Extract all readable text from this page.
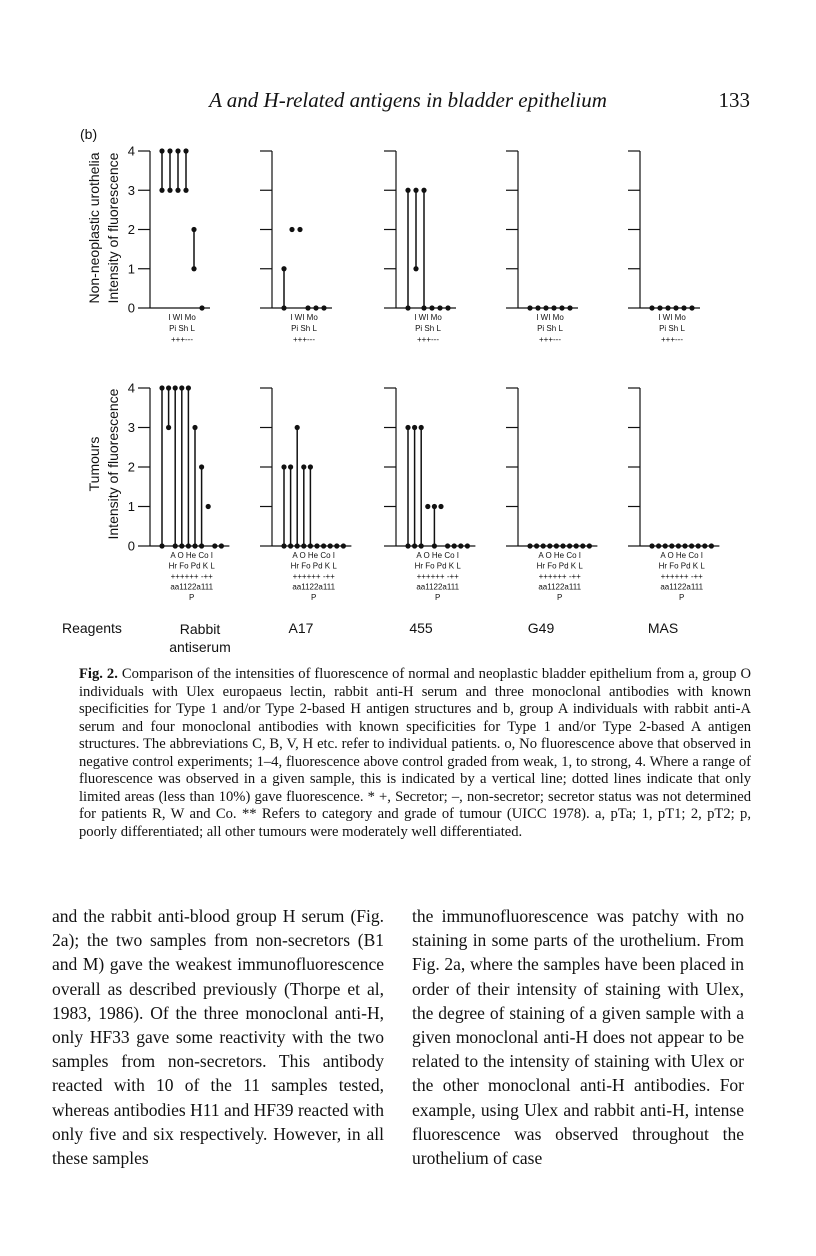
A and H-related antigens in bladder epithelium	133
(b)
Non-neoplastic urothelia Intensity of fluorescence
Tumours Intensity of fluorescence
0
1
2
3
4
I WI Mo
Pi Sh L
+++---
I WI Mo
Pi Sh L
+++---
I WI Mo
Pi Sh L
+++---
I WI Mo
Pi Sh L
+++---
I WI Mo
Pi Sh L
+++---
0
1
2
3
4
A O He Co I
Hr Fo Pd K L
++++++ -++
aa1122a111
P
A O He Co I
Hr Fo Pd K L
++++++ -++
aa1122a111
P
A O He Co I
Hr Fo Pd K L
++++++ -++
aa1122a111
P
A O He Co I
Hr Fo Pd K L
++++++ -++
aa1122a111
P
A O He Co I
Hr Fo Pd K L
++++++ -++
aa1122a111
P
Reagents	Rabbit antiserum
A17	455	G49	MAS
Fig. 2. Comparison of the intensities of fluorescence of normal and neoplastic bladder epithelium from a, group O individuals with Ulex europaeus lectin, rabbit anti-H serum and three monoclonal antibodies with known specificities for Type 1 and/or Type 2-based H antigen structures and b, group A individuals with rabbit anti-A serum and four monoclonal antibodies with known specificities for Type 1 and/or Type 2-based A antigen structures. The abbreviations C, B, V, H etc. refer to individual patients. o, No fluorescence above that observed in negative control experiments; 1–4, fluorescence above control graded from weak, 1, to strong, 4. Where a range of fluorescence was observed in a given sample, this is indicated by a vertical line; dotted lines indicate that only limited areas (less than 10%) gave fluorescence. * +, Secretor; –, non-secretor; secretor status was not determined for patients R, W and Co. ** Refers to category and grade of tumour (UICC 1978). a, pTa; 1, pT1; 2, pT2; p, poorly differentiated; all other tumours were moderately well differentiated.
and the rabbit anti-blood group H serum (Fig. 2a); the two samples from non-secretors (B1 and M) gave the weakest immunofluorescence overall as described previously (Thorpe et al, 1983, 1986). Of the three monoclonal anti-H, only HF33 gave some reactivity with the two samples from non-secretors. This antibody reacted with 10 of the 11 samples tested, whereas antibodies H11 and HF39 reacted with only five and six respectively. However, in all these samples
the immunofluorescence was patchy with no staining in some parts of the urothelium. From Fig. 2a, where the samples have been placed in order of their intensity of staining with Ulex, the degree of staining of a given sample with a given monoclonal anti-H does not appear to be related to the intensity of staining with Ulex or the other monoclonal anti-H antibodies. For example, using Ulex and rabbit anti-H, intense fluorescence was observed throughout the urothelium of case
